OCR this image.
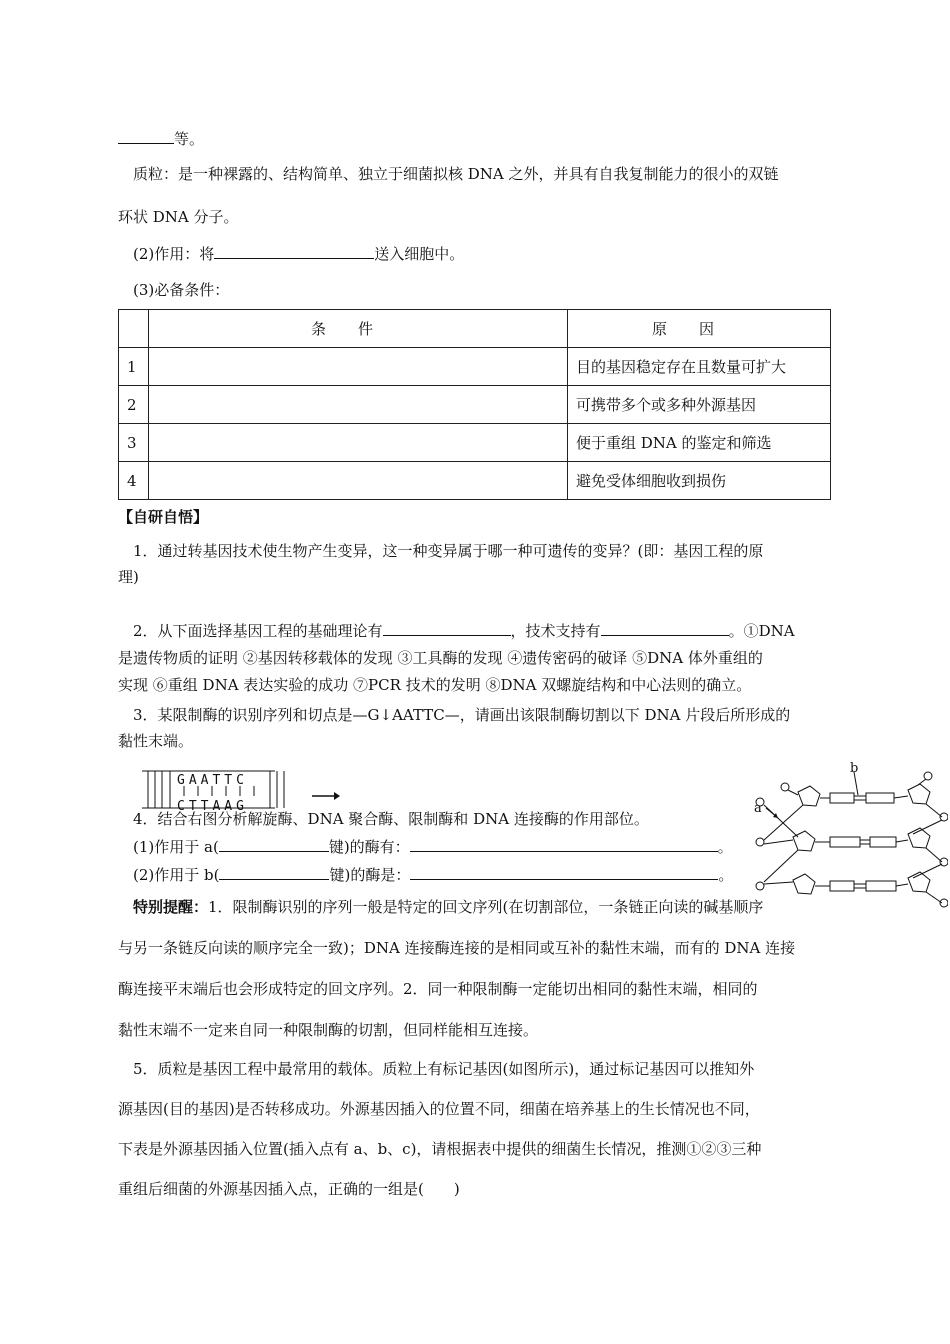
等。
质粒：是一种裸露的、结构简单、独立于细菌拟核 DNA 之外，并具有自我复制能力的很小的双链
环状 DNA 分子。
(2)作用：将	送入细胞中。
(3)必备条件：
	条件	原因
1		目的基因稳定存在且数量可扩大
2		可携带多个或多种外源基因
3		便于重组 DNA 的鉴定和筛选
4		避免受体细胞收到损伤
【自研自悟】
1．通过转基因技术使生物产生变异，这一种变异属于哪一种可遗传的变异？(即：基因工程的原
理)
2．从下面选择基因工程的基础理论有	，技术支持有	。①DNA
是遗传物质的证明 ②基因转移载体的发现 ③工具酶的发现 ④遗传密码的破译 ⑤DNA 体外重组的
实现 ⑥重组 DNA 表达实验的成功 ⑦PCR 技术的发明 ⑧DNA 双螺旋结构和中心法则的确立。
3．某限制酶的识别序列和切点是—G↓AATTC—，请画出该限制酶切割以下 DNA 片段后所形成的
黏性末端。
GAATTC
CTTAAG
4．结合右图分析解旋酶、DNA 聚合酶、限制酶和 DNA 连接酶的作用部位。
(1)作用于 a(	键)的酶有：	。
(2)作用于 b(	键)的酶是：	。
b
a
特别提醒：1．限制酶识别的序列一般是特定的回文序列(在切割部位，一条链正向读的碱基顺序
与另一条链反向读的顺序完全一致)；DNA 连接酶连接的是相同或互补的黏性末端，而有的 DNA 连接
酶连接平末端后也会形成特定的回文序列。2．同一种限制酶一定能切出相同的黏性末端，相同的
黏性末端不一定来自同一种限制酶的切割，但同样能相互连接。
5．质粒是基因工程中最常用的载体。质粒上有标记基因(如图所示)，通过标记基因可以推知外
源基因(目的基因)是否转移成功。外源基因插入的位置不同，细菌在培养基上的生长情况也不同，
下表是外源基因插入位置(插入点有 a、b、c)，请根据表中提供的细菌生长情况，推测①②③三种
重组后细菌的外源基因插入点，正确的一组是(　　)
